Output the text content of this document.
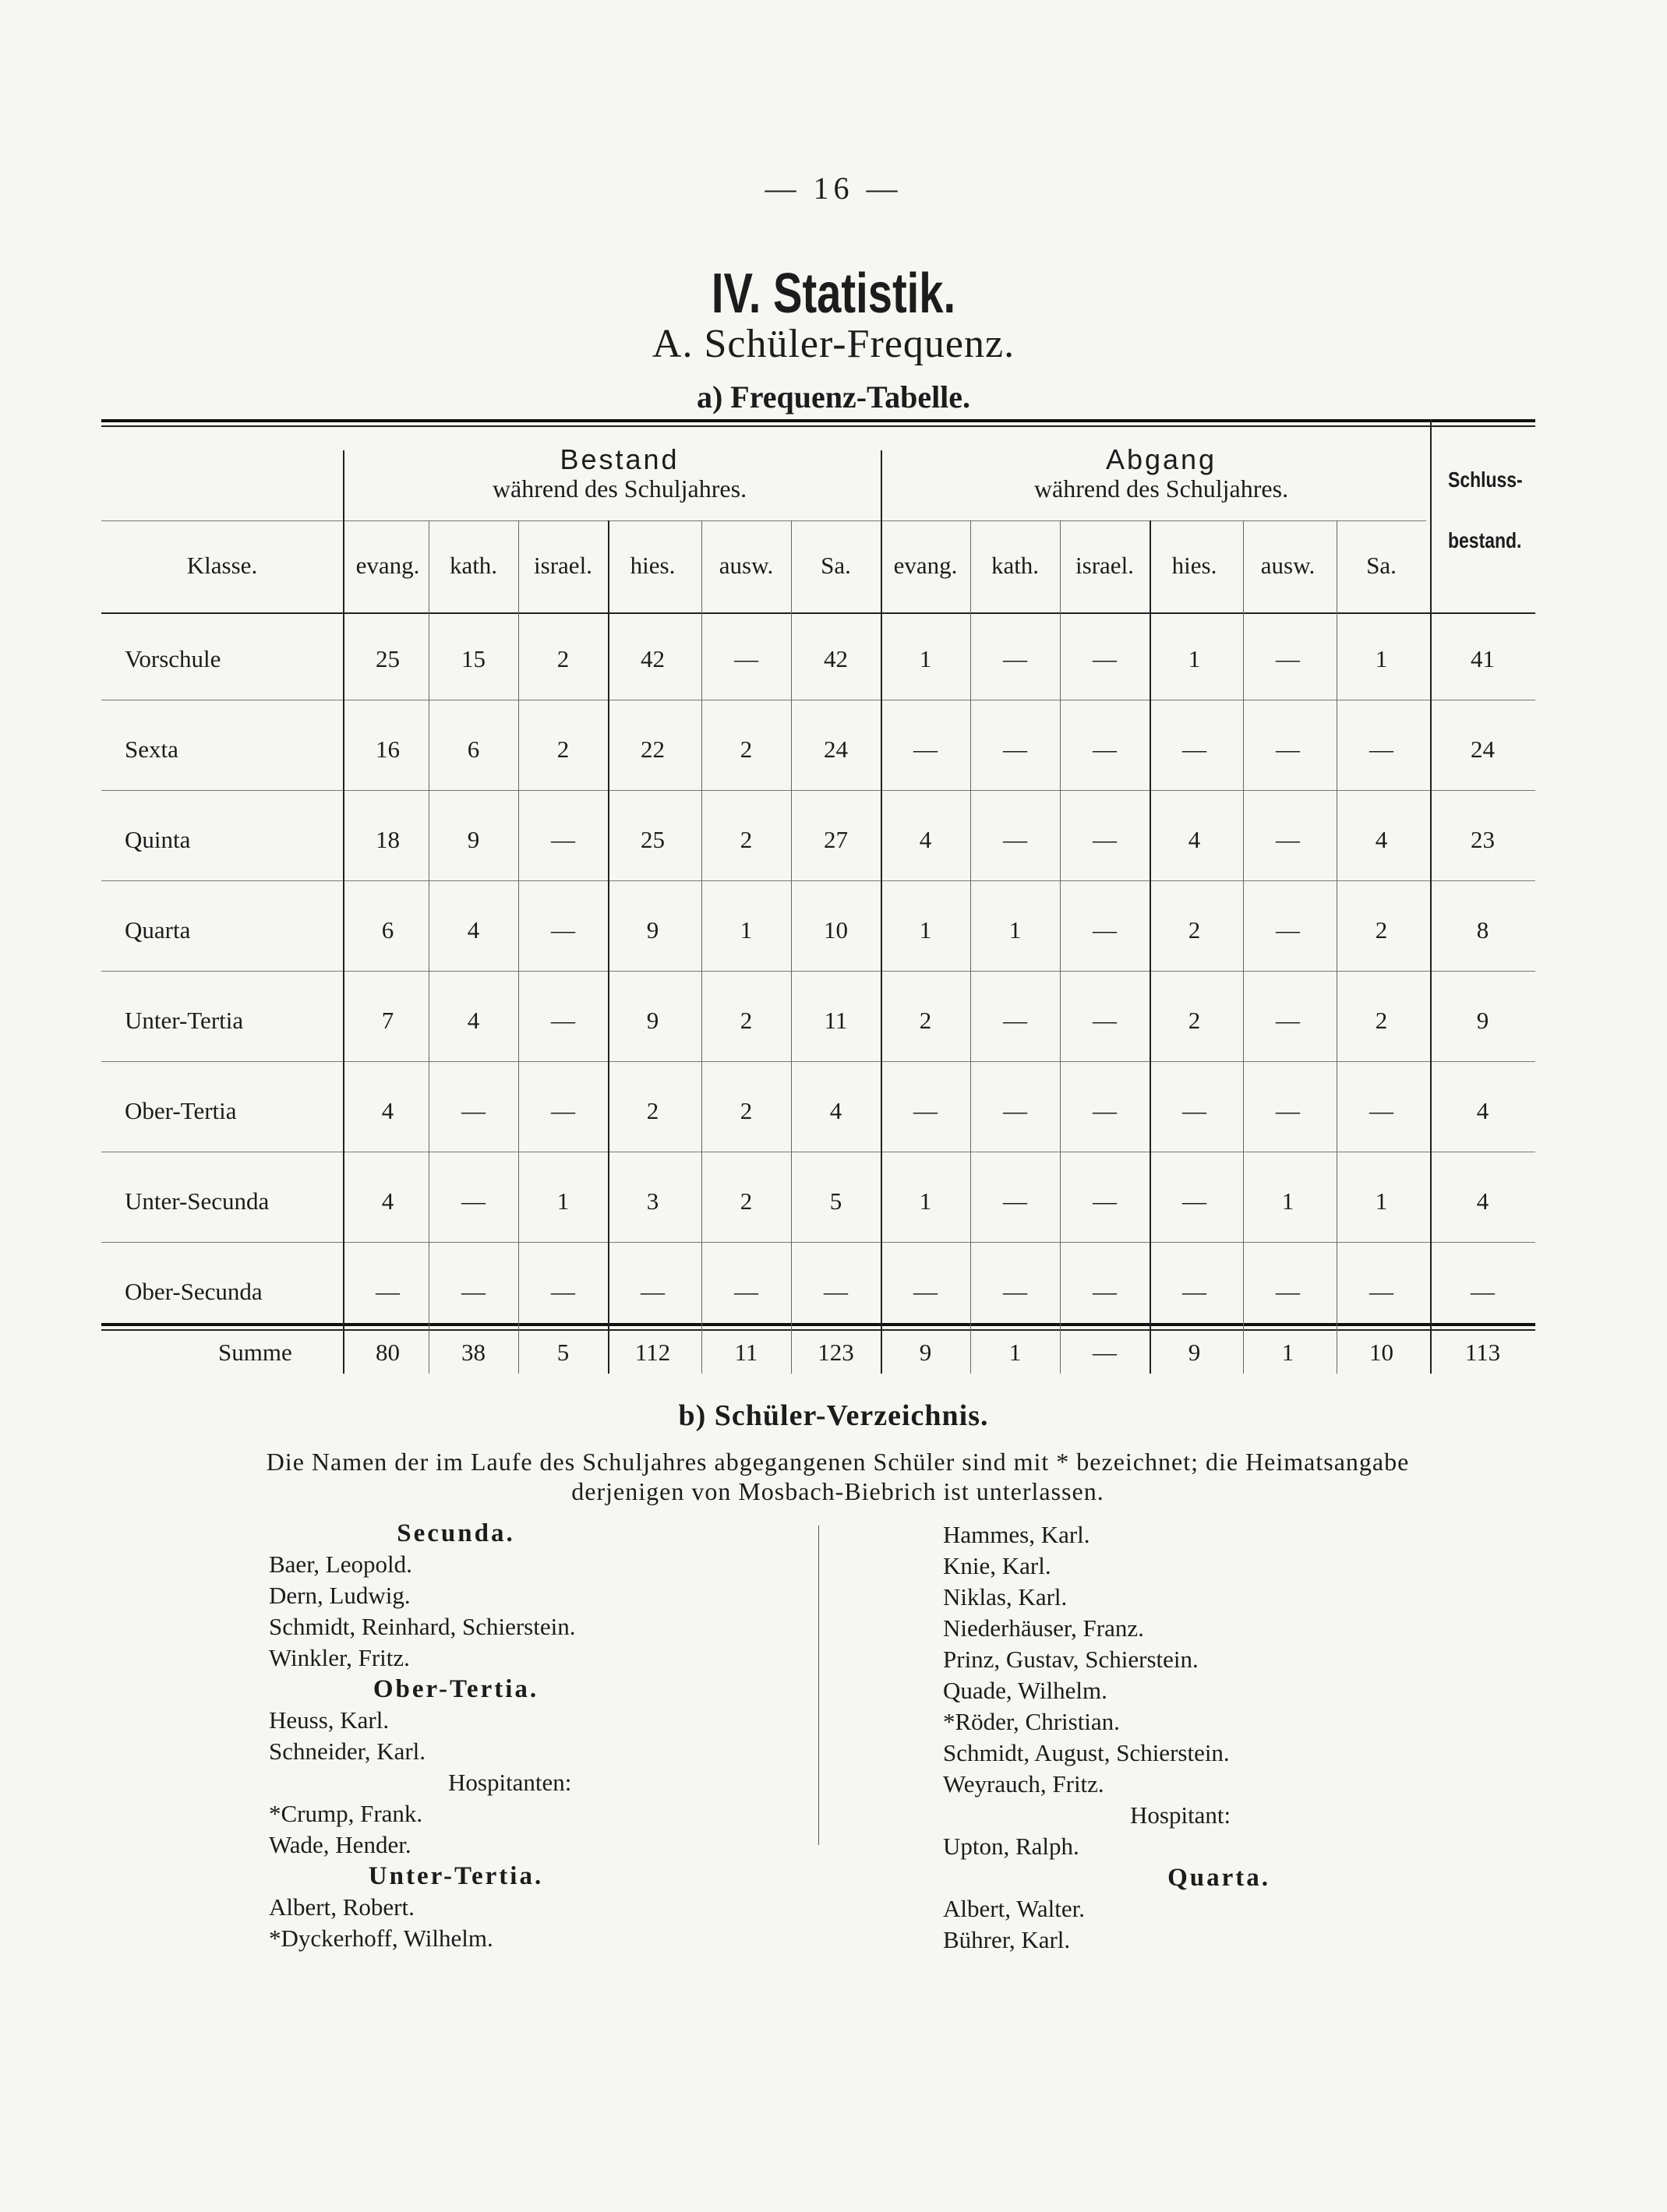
— 16 —
IV. Statistik.
A. Schüler-Frequenz.
a) Frequenz-Tabelle.
Bestand
während des Schuljahres.
Abgang
während des Schuljahres.	Schluss-
bestand.
Klasse.	evang.	kath.	israel.	hies.	ausw.	Sa.	evang.	kath.	israel.	hies.	ausw.	Sa.
Vorschule	25	15	2	42	—	42	1	—	—	1	—	1	41
Sexta	16	6	2	22	2	24	—	—	—	—	—	—	24
Quinta	18	9	—	25	2	27	4	—	—	4	—	4	23
Quarta	6	4	—	9	1	10	1	1	—	2	—	2	8
Unter-Tertia	7	4	—	9	2	11	2	—	—	2	—	2	9
Ober-Tertia	4	—	—	2	2	4	—	—	—	—	—	—	4
Unter-Secunda	4	—	1	3	2	5	1	—	—	—	1	1	4
Ober-Secunda	—	—	—	—	—	—	—	—	—	—	—	—	—
Summe	80	38	5	112	11	123	9	1	—	9	1	10	113
b) Schüler-Verzeichnis.
Die Namen der im Laufe des Schuljahres abgegangenen Schüler sind mit * bezeichnet; die Heimatsangabe
derjenigen von Mosbach-Biebrich ist unterlassen.
Secunda.
Baer, Leopold.
Dern, Ludwig.
Schmidt, Reinhard, Schierstein.
Winkler, Fritz.
Ober-Tertia.
Heuss, Karl.
Schneider, Karl.
Hospitanten:
*Crump, Frank.
Wade, Hender.
Unter-Tertia.
Albert, Robert.
*Dyckerhoff, Wilhelm.
Hammes, Karl.
Knie, Karl.
Niklas, Karl.
Niederhäuser, Franz.
Prinz, Gustav, Schierstein.
Quade, Wilhelm.
*Röder, Christian.
Schmidt, August, Schierstein.
Weyrauch, Fritz.
Hospitant:
Upton, Ralph.
Quarta.
Albert, Walter.
Bührer, Karl.
